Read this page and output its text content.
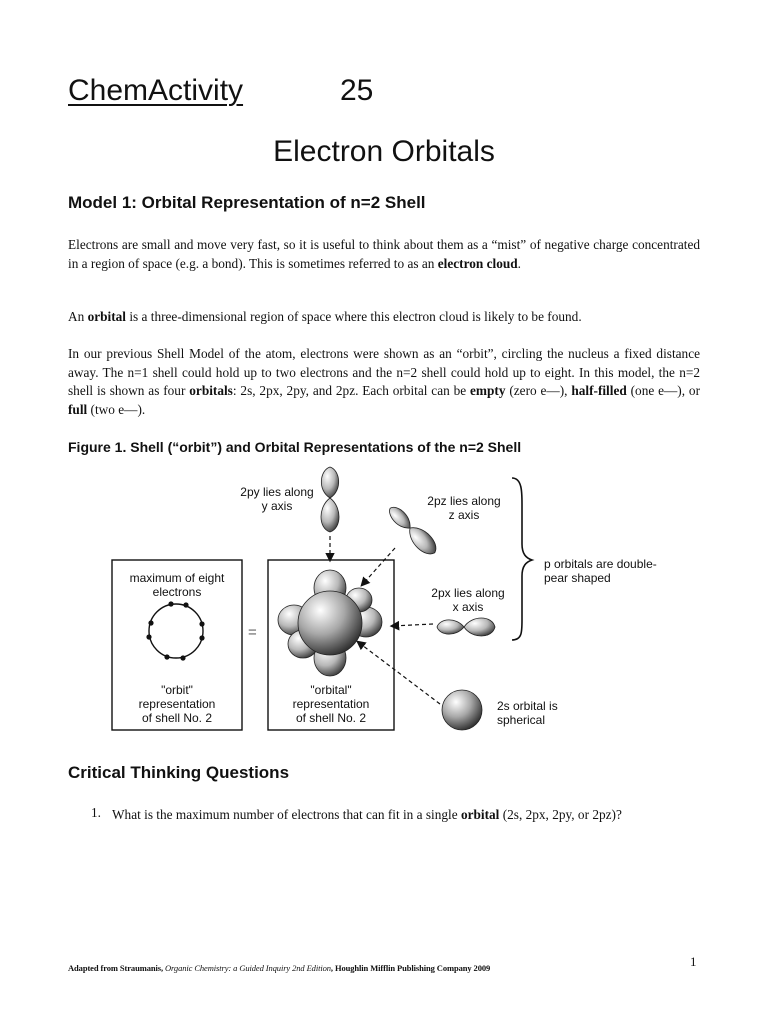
ChemActivity	25
Electron Orbitals
Model 1: Orbital Representation of n=2 Shell
Electrons are small and move very fast, so it is useful to think about them as a “mist” of negative charge concentrated in a region of space (e.g. a bond). This is sometimes referred to as an electron cloud.
An orbital is a three-dimensional region of space where this electron cloud is likely to be found.
In our previous Shell Model of the atom, electrons were shown as an “orbit”, circling the nucleus a fixed distance away. The n=1 shell could hold up to two electrons and the n=2 shell could hold up to eight. In this model, the n=2 shell is shown as four orbitals: 2s, 2px, 2py, and 2pz. Each orbital can be empty (zero e—), half-filled (one e—), or full (two e—).
Figure 1. Shell (“orbit”) and Orbital Representations of the n=2 Shell
maximum of eight
electrons
"orbit"
representation
of shell No. 2
=
"orbital"
representation
of shell No. 2
2py lies along
y axis	2pz lies along
z axis
2px lies along
x axis
p orbitals are double-
pear shaped
2s orbital is
spherical
Critical Thinking Questions
1. What is the maximum number of electrons that can fit in a single orbital (2s, 2px, 2py, or 2pz)?
1
Adapted from Straumanis, Organic Chemistry: a Guided Inquiry 2nd Edition, Houghlin Mifflin Publishing Company 2009
